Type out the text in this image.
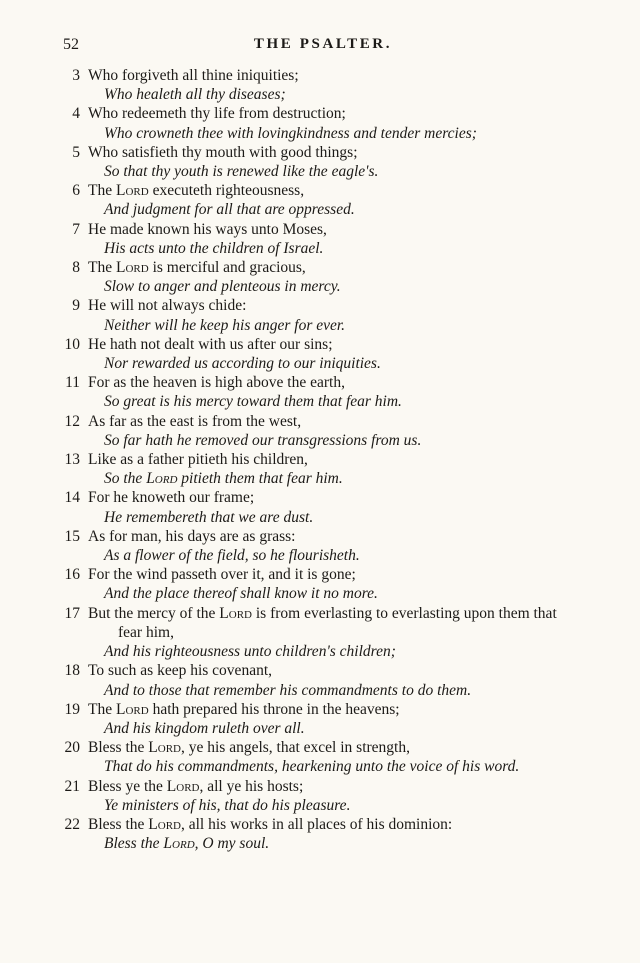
52	THE PSALTER.
3 Who forgiveth all thine iniquities;
Who healeth all thy diseases;
4 Who redeemeth thy life from destruction;
Who crowneth thee with lovingkindness and tender mercies;
5 Who satisfieth thy mouth with good things;
So that thy youth is renewed like the eagle's.
6 The Lord executeth righteousness,
And judgment for all that are oppressed.
7 He made known his ways unto Moses,
His acts unto the children of Israel.
8 The Lord is merciful and gracious,
Slow to anger and plenteous in mercy.
9 He will not always chide:
Neither will he keep his anger for ever.
10 He hath not dealt with us after our sins;
Nor rewarded us according to our iniquities.
11 For as the heaven is high above the earth,
So great is his mercy toward them that fear him.
12 As far as the east is from the west,
So far hath he removed our transgressions from us.
13 Like as a father pitieth his children,
So the Lord pitieth them that fear him.
14 For he knoweth our frame;
He remembereth that we are dust.
15 As for man, his days are as grass:
As a flower of the field, so he flourisheth.
16 For the wind passeth over it, and it is gone;
And the place thereof shall know it no more.
17 But the mercy of the Lord is from everlasting to everlasting upon them that
fear him,
And his righteousness unto children's children;
18 To such as keep his covenant,
And to those that remember his commandments to do them.
19 The Lord hath prepared his throne in the heavens;
And his kingdom ruleth over all.
20 Bless the Lord, ye his angels, that excel in strength,
That do his commandments, hearkening unto the voice of his word.
21 Bless ye the Lord, all ye his hosts;
Ye ministers of his, that do his pleasure.
22 Bless the Lord, all his works in all places of his dominion:
Bless the Lord, O my soul.
